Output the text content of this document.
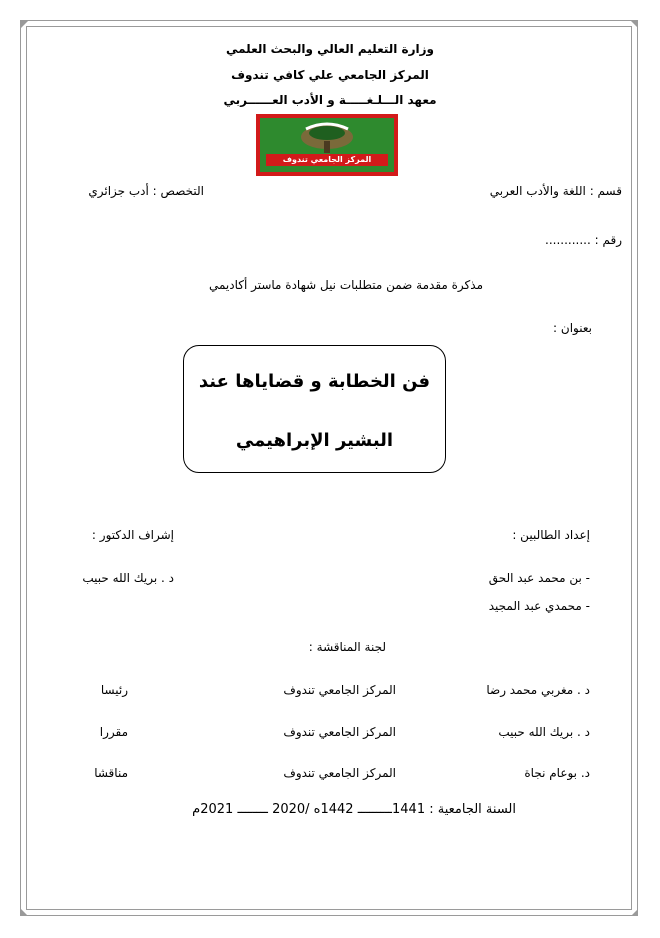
وزارة التعليم العالي والبحث العلمي
المركز الجامعي علي كافي تندوف
معهد الـــلـغـــــة و الأدب العــــــربي
المركز الجامعي تندوف
قسم : اللغة والأدب العربي
التخصص : أدب جزائري
رقم : ............
مذكرة مقدمة ضمن متطلبات نيل شهادة ماستر أكاديمي
بعنوان :
فن الخطابة و قضاياها عند
البشير الإبراهيمي
إعداد الطالبين :
إشراف الدكتور :
- بن محمد عبد الحق
د . بريك الله حبيب
- محمدي عبد المجيد
لجنة المناقشة :
د . مغربي محمد رضا
المركز الجامعي تندوف
رئيسا
د . بريك الله حبيب
المركز الجامعي تندوف
مقررا
د. بوعام نجاة
المركز الجامعي تندوف
مناقشا
السنة الجامعية : 1441ـــــــــ 1442ه /2020 ــــــــ 2021م
